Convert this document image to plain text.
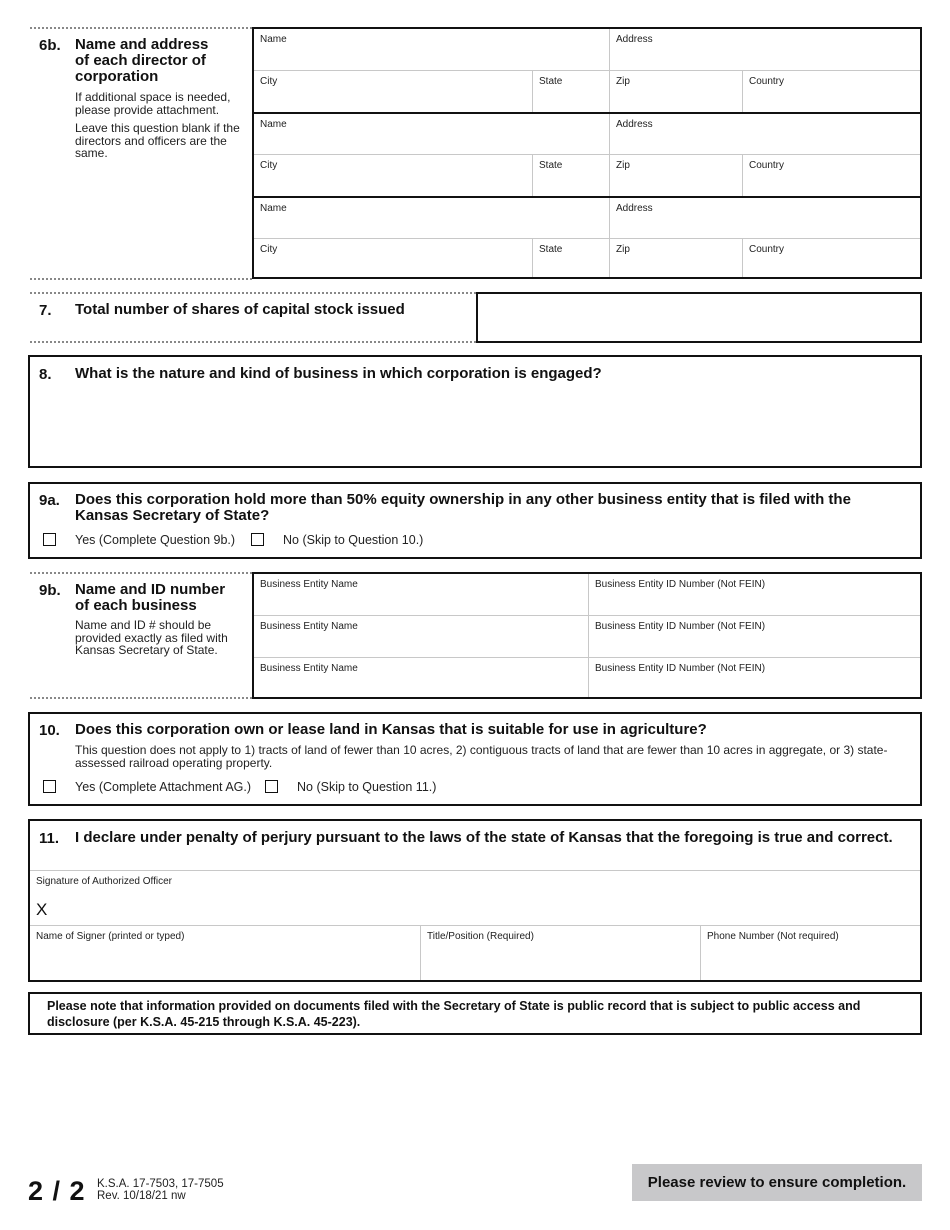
6b. Name and address
of each director of
corporation
If additional space is needed, please provide attachment.
Leave this question blank if the directors and officers are the same.
Name	Address
City	State	Zip	Country
Name	Address
City	State	Zip	Country
Name	Address
City	State	Zip	Country
7. Total number of shares of capital stock issued
8. What is the nature and kind of business in which corporation is engaged?
9a. Does this corporation hold more than 50% equity ownership in any other business entity that is filed with the Kansas Secretary of State?
Yes (Complete Question 9b.)	No (Skip to Question 10.)
9b. Name and ID number
of each business
Name and ID # should be provided exactly as filed with Kansas Secretary of State.
Business Entity Name	Business Entity ID Number (Not FEIN)
Business Entity Name	Business Entity ID Number (Not FEIN)
Business Entity Name	Business Entity ID Number (Not FEIN)
10. Does this corporation own or lease land in Kansas that is suitable for use in agriculture?
This question does not apply to 1) tracts of land of fewer than 10 acres, 2) contiguous tracts of land that are fewer than 10 acres in aggregate, or 3) state-assessed railroad operating property.
Yes (Complete Attachment AG.)	No (Skip to Question 11.)
11. I declare under penalty of perjury pursuant to the laws of the state of Kansas that the foregoing is true and correct.
Signature of Authorized Officer
X
Name of Signer (printed or typed)	Title/Position (Required)	Phone Number (Not required)
Please note that information provided on documents filed with the Secretary of State is public record that is subject to public access and disclosure (per K.S.A. 45-215 through K.S.A. 45-223).
2 / 2 K.S.A. 17-7503, 17-7505
Rev. 10/18/21 nw
Please review to ensure completion.
